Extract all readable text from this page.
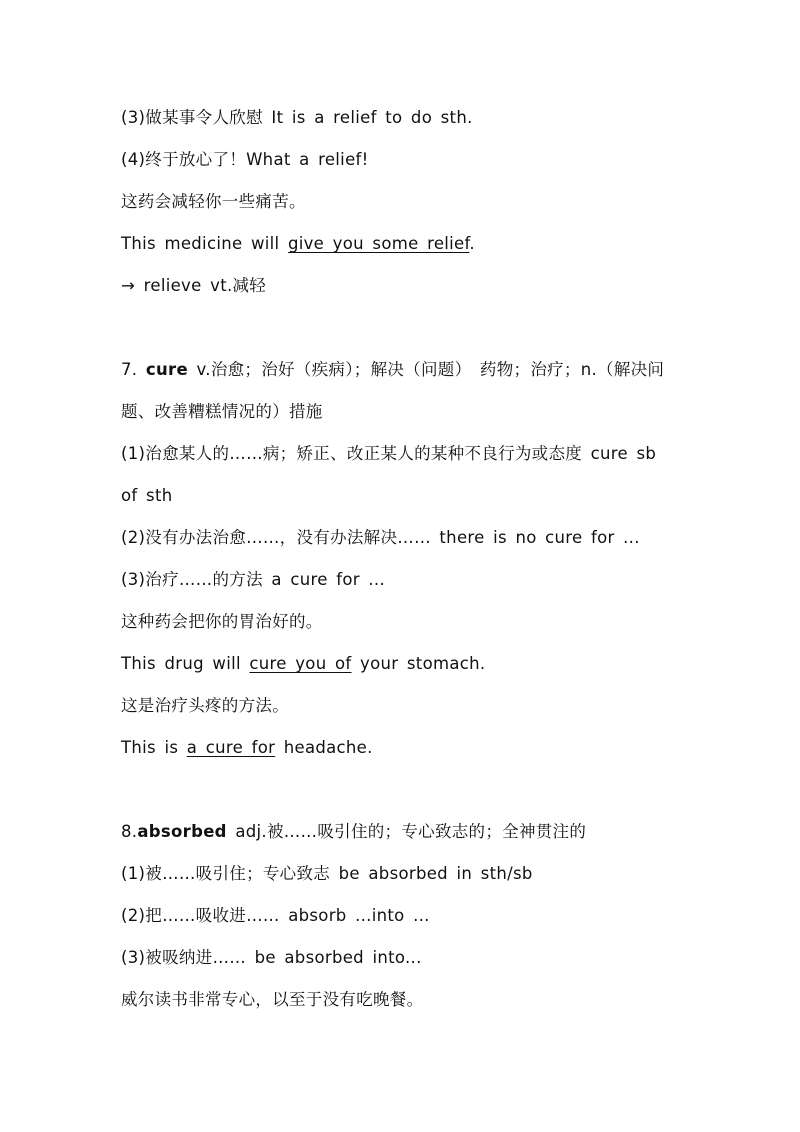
(3)做某事令人欣慰 It is a relief to do sth.
(4)终于放心了！What a relief!
这药会减轻你一些痛苦。
This medicine will give you some relief.
→ relieve vt.减轻
7. cure v.治愈；治好（疾病）；解决（问题） 药物；治疗；n.（解决问
题、改善糟糕情况的）措施
(1)治愈某人的……病；矫正、改正某人的某种不良行为或态度 cure sb
of sth
(2)没有办法治愈……，没有办法解决…… there is no cure for ...
(3)治疗……的方法 a cure for ...
这种药会把你的胃治好的。
This drug will cure you of your stomach.
这是治疗头疼的方法。
This is a cure for headache.
8.absorbed adj.被……吸引住的；专心致志的；全神贯注的
(1)被……吸引住；专心致志 be absorbed in sth/sb
(2)把……吸收进…… absorb ...into ...
(3)被吸纳进…… be absorbed into...
威尔读书非常专心，以至于没有吃晚餐。
